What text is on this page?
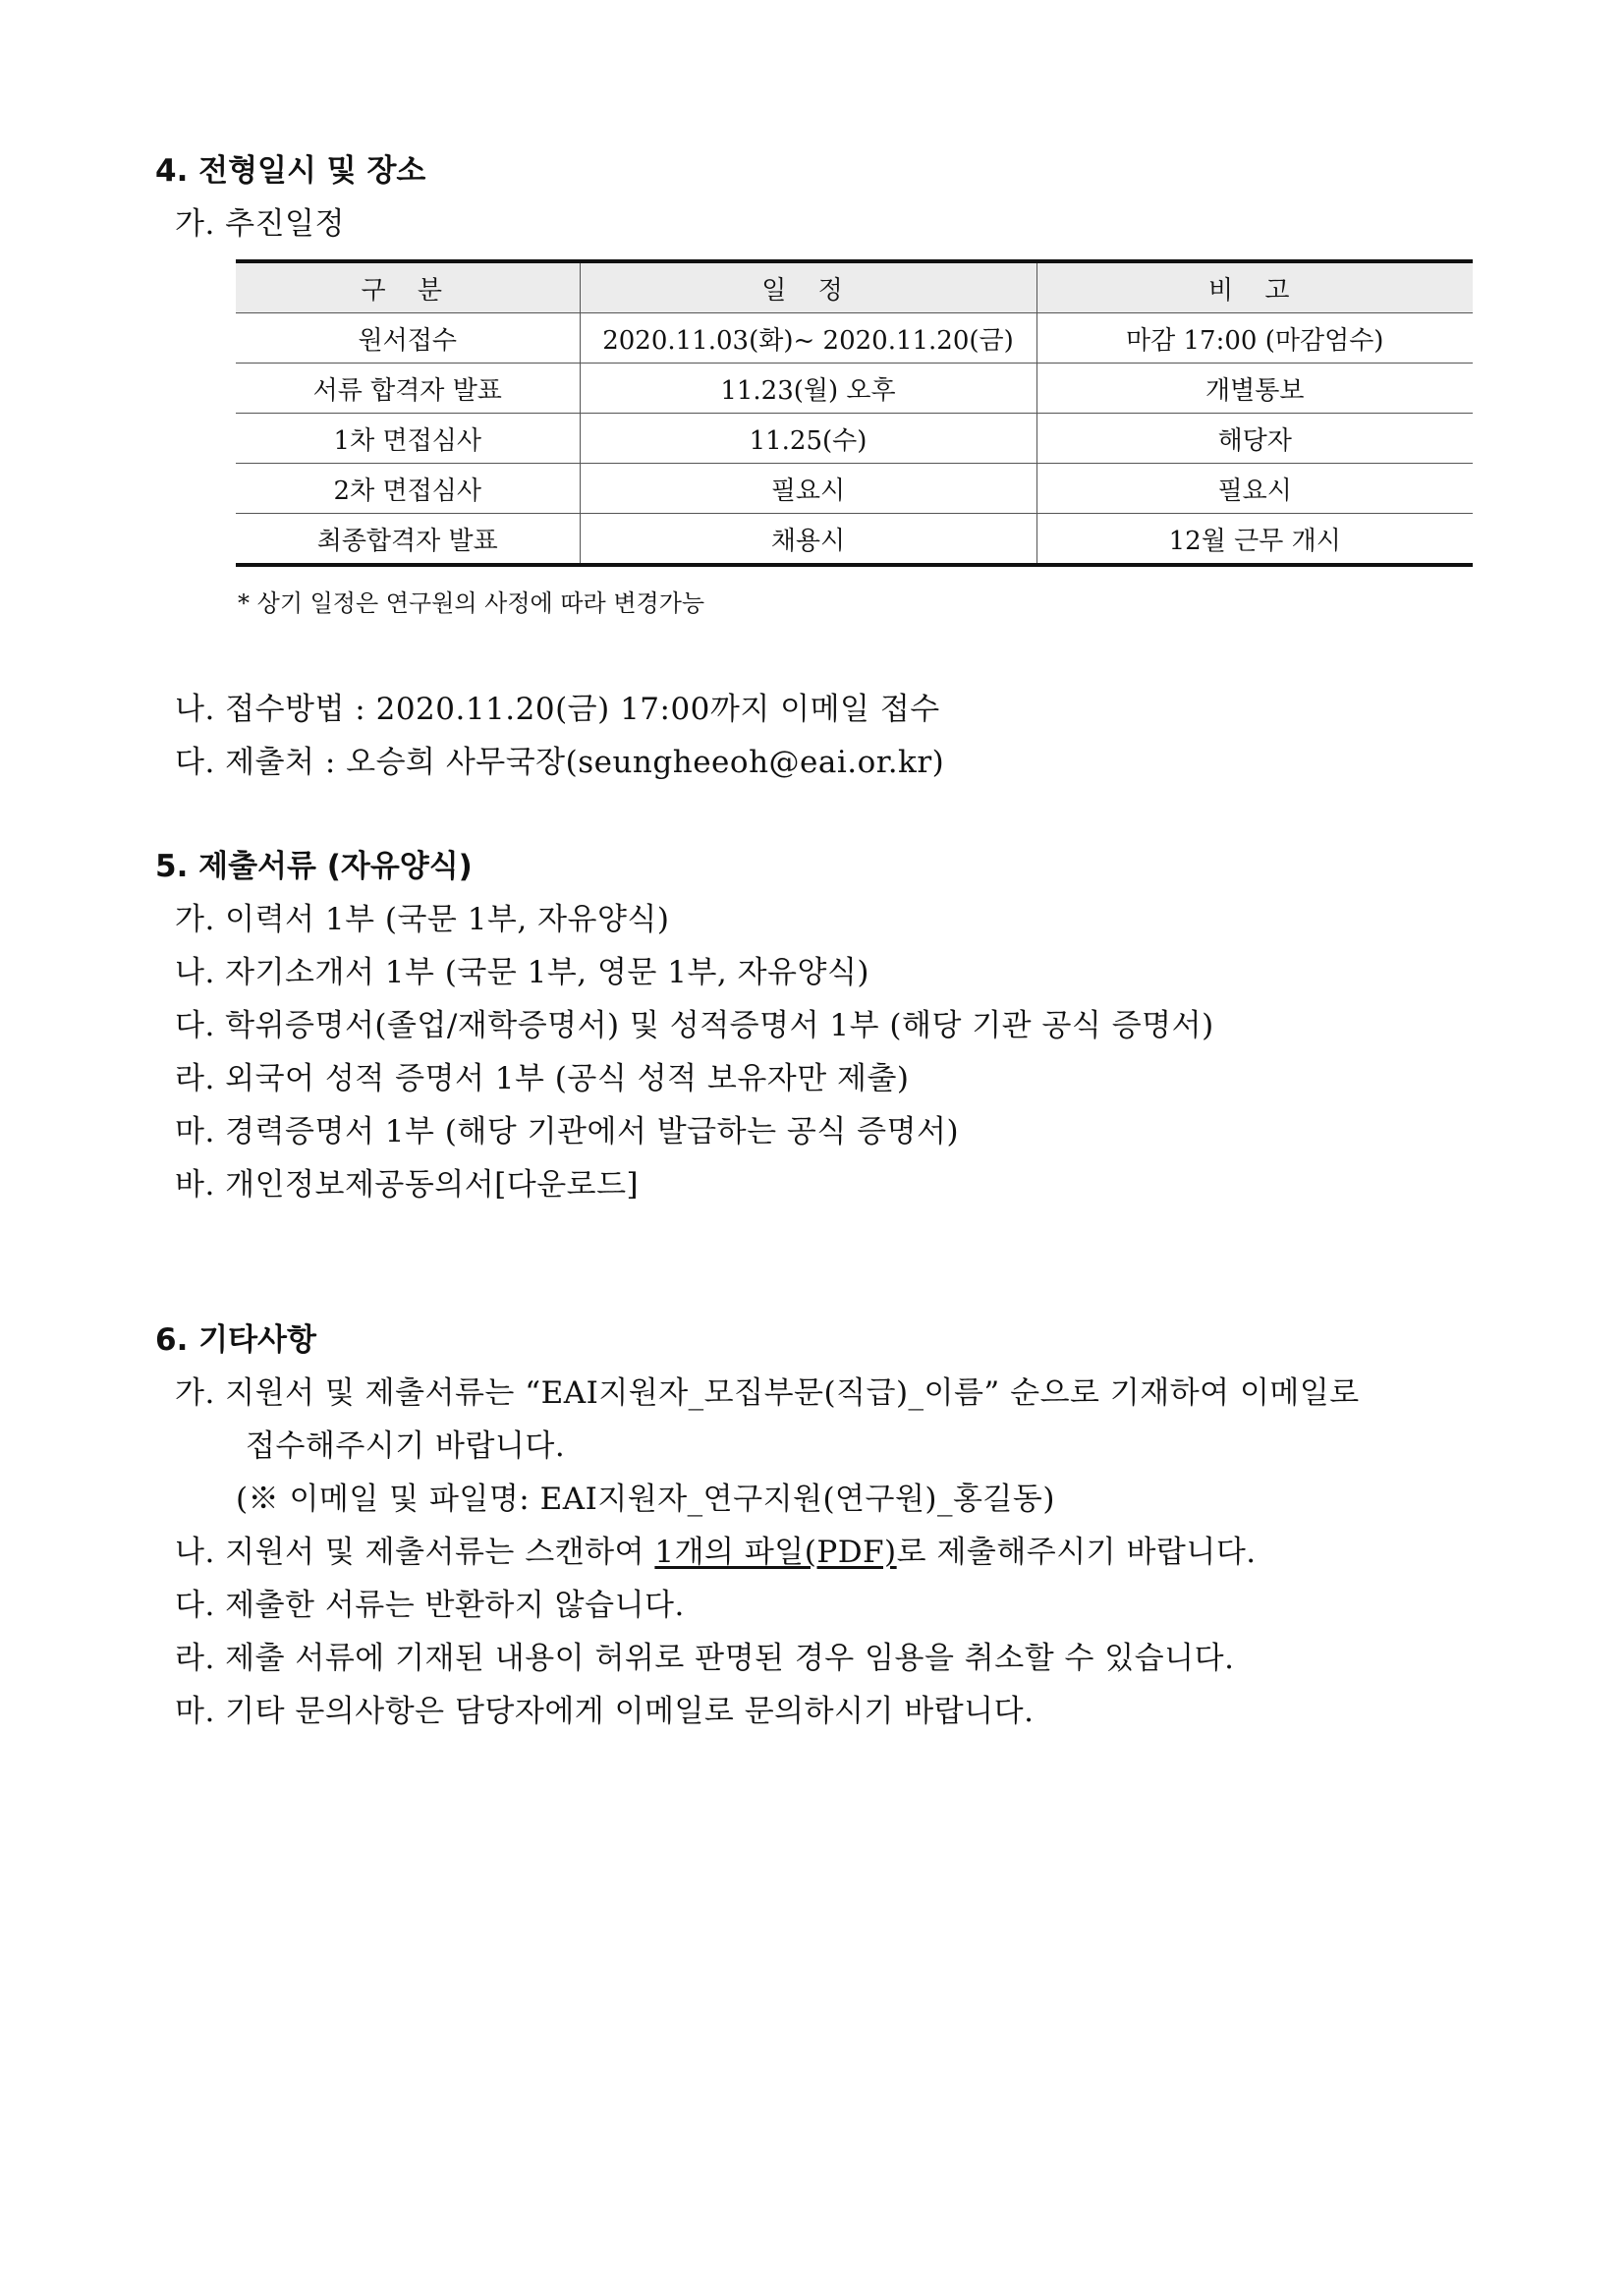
4. 전형일시 및 장소
가. 추진일정
구 분	일 정	비 고
원서접수	2020.11.03(화)~ 2020.11.20(금)	마감 17:00 (마감엄수)
서류 합격자 발표	11.23(월) 오후	개별통보
1차 면접심사	11.25(수)	해당자
2차 면접심사	필요시	필요시
최종합격자 발표	채용시	12월 근무 개시
* 상기 일정은 연구원의 사정에 따라 변경가능
나. 접수방법 : 2020.11.20(금) 17:00까지 이메일 접수
다. 제출처 : 오승희 사무국장(seungheeoh@eai.or.kr)
5. 제출서류 (자유양식)
가. 이력서 1부 (국문 1부, 자유양식)
나. 자기소개서 1부 (국문 1부, 영문 1부, 자유양식)
다. 학위증명서(졸업/재학증명서) 및 성적증명서 1부 (해당 기관 공식 증명서)
라. 외국어 성적 증명서 1부 (공식 성적 보유자만 제출)
마. 경력증명서 1부 (해당 기관에서 발급하는 공식 증명서)
바. 개인정보제공동의서[다운로드]
6. 기타사항
가. 지원서 및 제출서류는 “EAI지원자_모집부문(직급)_이름” 순으로 기재하여 이메일로
접수해주시기 바랍니다.
(※ 이메일 및 파일명: EAI지원자_연구지원(연구원)_홍길동)
나. 지원서 및 제출서류는 스캔하여 1개의 파일(PDF)로 제출해주시기 바랍니다.
다. 제출한 서류는 반환하지 않습니다.
라. 제출 서류에 기재된 내용이 허위로 판명된 경우 임용을 취소할 수 있습니다.
마. 기타 문의사항은 담당자에게 이메일로 문의하시기 바랍니다.
